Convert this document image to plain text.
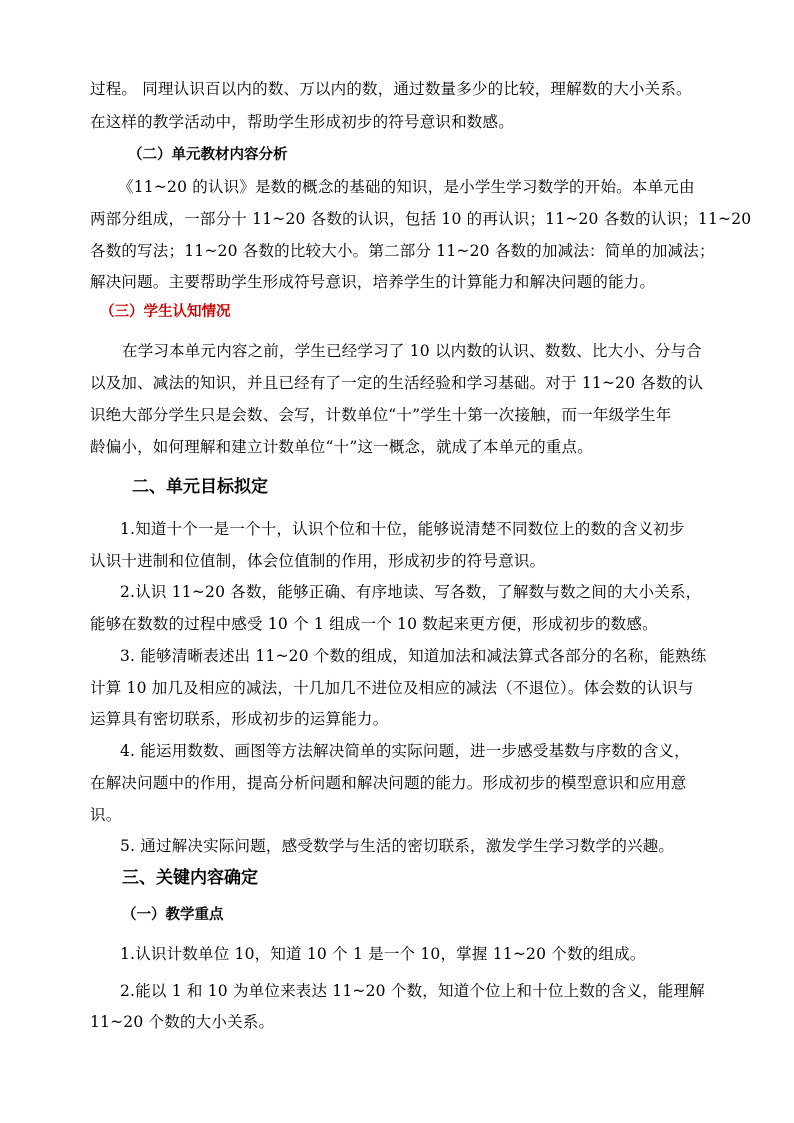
过程。 同理认识百以内的数、万以内的数，通过数量多少的比较，理解数的大小关系。
在这样的教学活动中，帮助学生形成初步的符号意识和数感。
（二）单元教材内容分析
《11~20 的认识》是数的概念的基础的知识，是小学生学习数学的开始。本单元由
两部分组成，一部分十 11~20 各数的认识，包括 10 的再认识；11~20 各数的认识；11~20
各数的写法；11~20 各数的比较大小。第二部分 11~20 各数的加减法：简单的加减法；
解决问题。主要帮助学生形成符号意识，培养学生的计算能力和解决问题的能力。
（三）学生认知情况
在学习本单元内容之前，学生已经学习了 10 以内数的认识、数数、比大小、分与合
以及加、减法的知识，并且已经有了一定的生活经验和学习基础。对于 11~20 各数的认
识绝大部分学生只是会数、会写，计数单位“十”学生十第一次接触，而一年级学生年
龄偏小，如何理解和建立计数单位“十”这一概念，就成了本单元的重点。
二、单元目标拟定
1.知道十个一是一个十，认识个位和十位，能够说清楚不同数位上的数的含义初步
认识十进制和位值制，体会位值制的作用，形成初步的符号意识。
2.认识 11~20 各数，能够正确、有序地读、写各数，了解数与数之间的大小关系，
能够在数数的过程中感受 10 个 1 组成一个 10 数起来更方便，形成初步的数感。
3. 能够清晰表述出 11~20 个数的组成，知道加法和减法算式各部分的名称，能熟练
计算 10 加几及相应的减法，十几加几不进位及相应的减法（不退位）。体会数的认识与
运算具有密切联系，形成初步的运算能力。
4. 能运用数数、画图等方法解决简单的实际问题，进一步感受基数与序数的含义，
在解决问题中的作用，提高分析问题和解决问题的能力。形成初步的模型意识和应用意
识。
5. 通过解决实际问题，感受数学与生活的密切联系，激发学生学习数学的兴趣。
三、关键内容确定
（一）教学重点
1.认识计数单位 10，知道 10 个 1 是一个 10，掌握 11~20 个数的组成。
2.能以 1 和 10 为单位来表达 11~20 个数，知道个位上和十位上数的含义，能理解
11~20 个数的大小关系。
